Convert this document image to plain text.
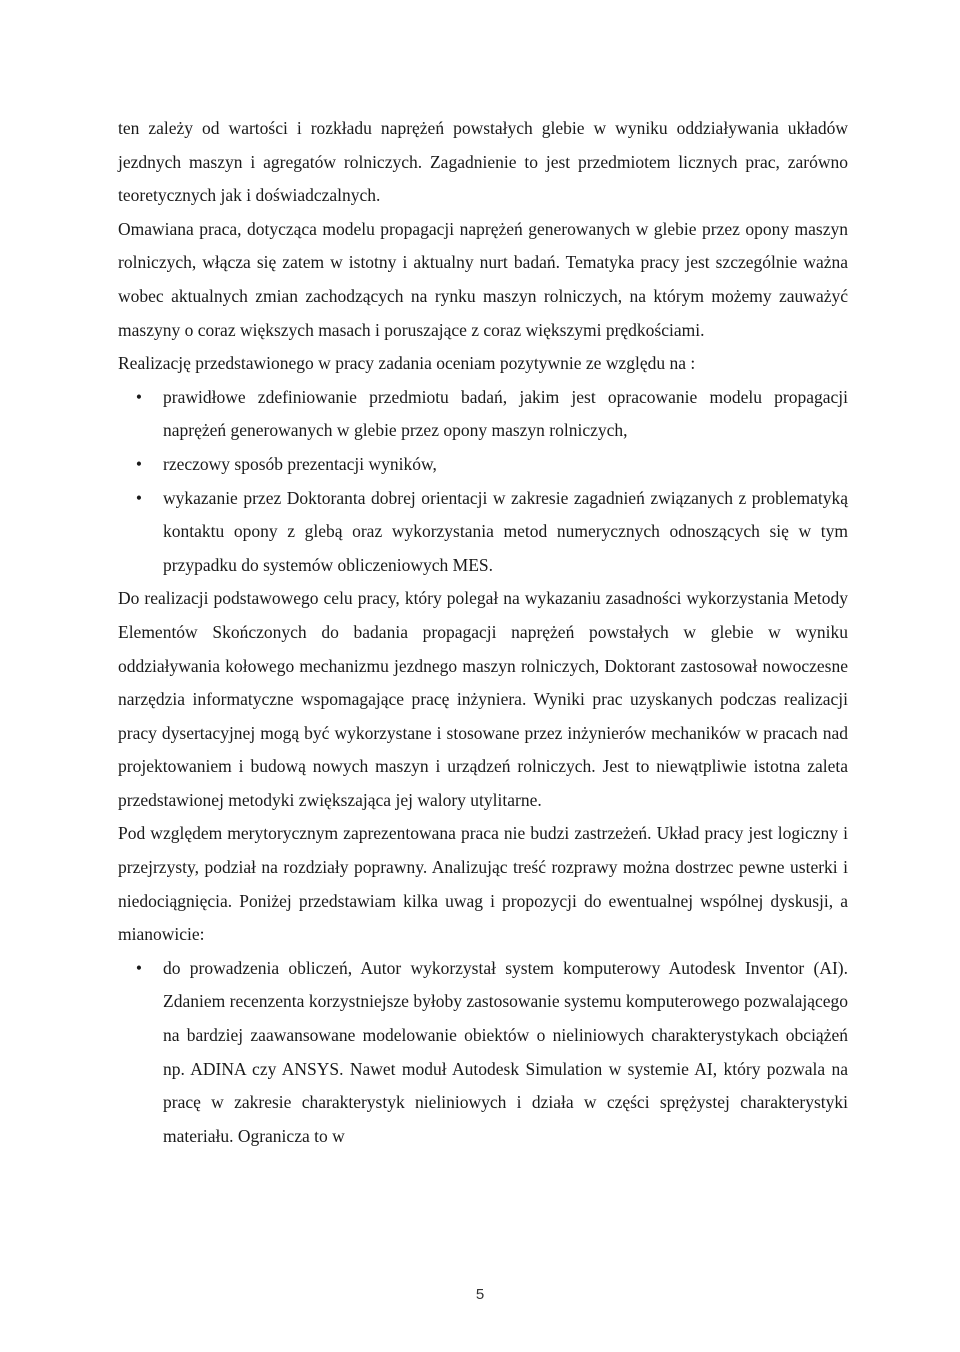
ten zależy od wartości i rozkładu naprężeń powstałych glebie w wyniku oddziaływania układów jezdnych maszyn i agregatów rolniczych. Zagadnienie to jest przedmiotem licznych prac, zarówno teoretycznych jak i doświadczalnych.

Omawiana praca, dotycząca modelu propagacji naprężeń generowanych w glebie przez opony maszyn rolniczych, włącza się zatem w istotny i aktualny nurt badań. Tematyka pracy jest szczególnie ważna wobec aktualnych zmian zachodzących na rynku maszyn rolniczych, na którym możemy zauważyć maszyny o coraz większych masach i poruszające z coraz większymi prędkościami.

Realizację przedstawionego w pracy zadania oceniam pozytywnie ze względu na :

• prawidłowe zdefiniowanie przedmiotu badań, jakim jest opracowanie modelu propagacji naprężeń generowanych w glebie przez opony maszyn rolniczych,
• rzeczowy sposób prezentacji wyników,
• wykazanie przez Doktoranta dobrej orientacji w zakresie zagadnień związanych z problematyką kontaktu opony z glebą oraz wykorzystania metod numerycznych odnoszących się w tym przypadku do systemów obliczeniowych MES.

Do realizacji podstawowego celu pracy, który polegał na wykazaniu zasadności wykorzystania Metody Elementów Skończonych do badania propagacji naprężeń powstałych w glebie w wyniku oddziaływania kołowego mechanizmu jezdnego maszyn rolniczych, Doktorant zastosował nowoczesne narzędzia informatyczne wspomagające pracę inżyniera. Wyniki prac uzyskanych podczas realizacji pracy dysertacyjnej mogą być wykorzystane i stosowane przez inżynierów mechaników w pracach nad projektowaniem i budową nowych maszyn i urządzeń rolniczych. Jest to niewątpliwie istotna zaleta przedstawionej metodyki zwiększająca jej walory utylitarne.

Pod względem merytorycznym zaprezentowana praca nie budzi zastrzeżeń. Układ pracy jest logiczny i przejrzysty, podział na rozdziały poprawny. Analizując treść rozprawy można dostrzec pewne usterki i niedociągnięcia. Poniżej przedstawiam kilka uwag i propozycji do ewentualnej wspólnej dyskusji, a mianowicie:

• do prowadzenia obliczeń, Autor wykorzystał system komputerowy Autodesk Inventor (AI). Zdaniem recenzenta korzystniejsze byłoby zastosowanie systemu komputerowego pozwalającego na bardziej zaawansowane modelowanie obiektów o nieliniowych charakterystykach obciążeń np. ADINA czy ANSYS. Nawet moduł Autodesk Simulation w systemie AI, który pozwala na pracę w zakresie charakterystyk nieliniowych i działa w części sprężystej charakterystyki materiału. Ogranicza to w
5
